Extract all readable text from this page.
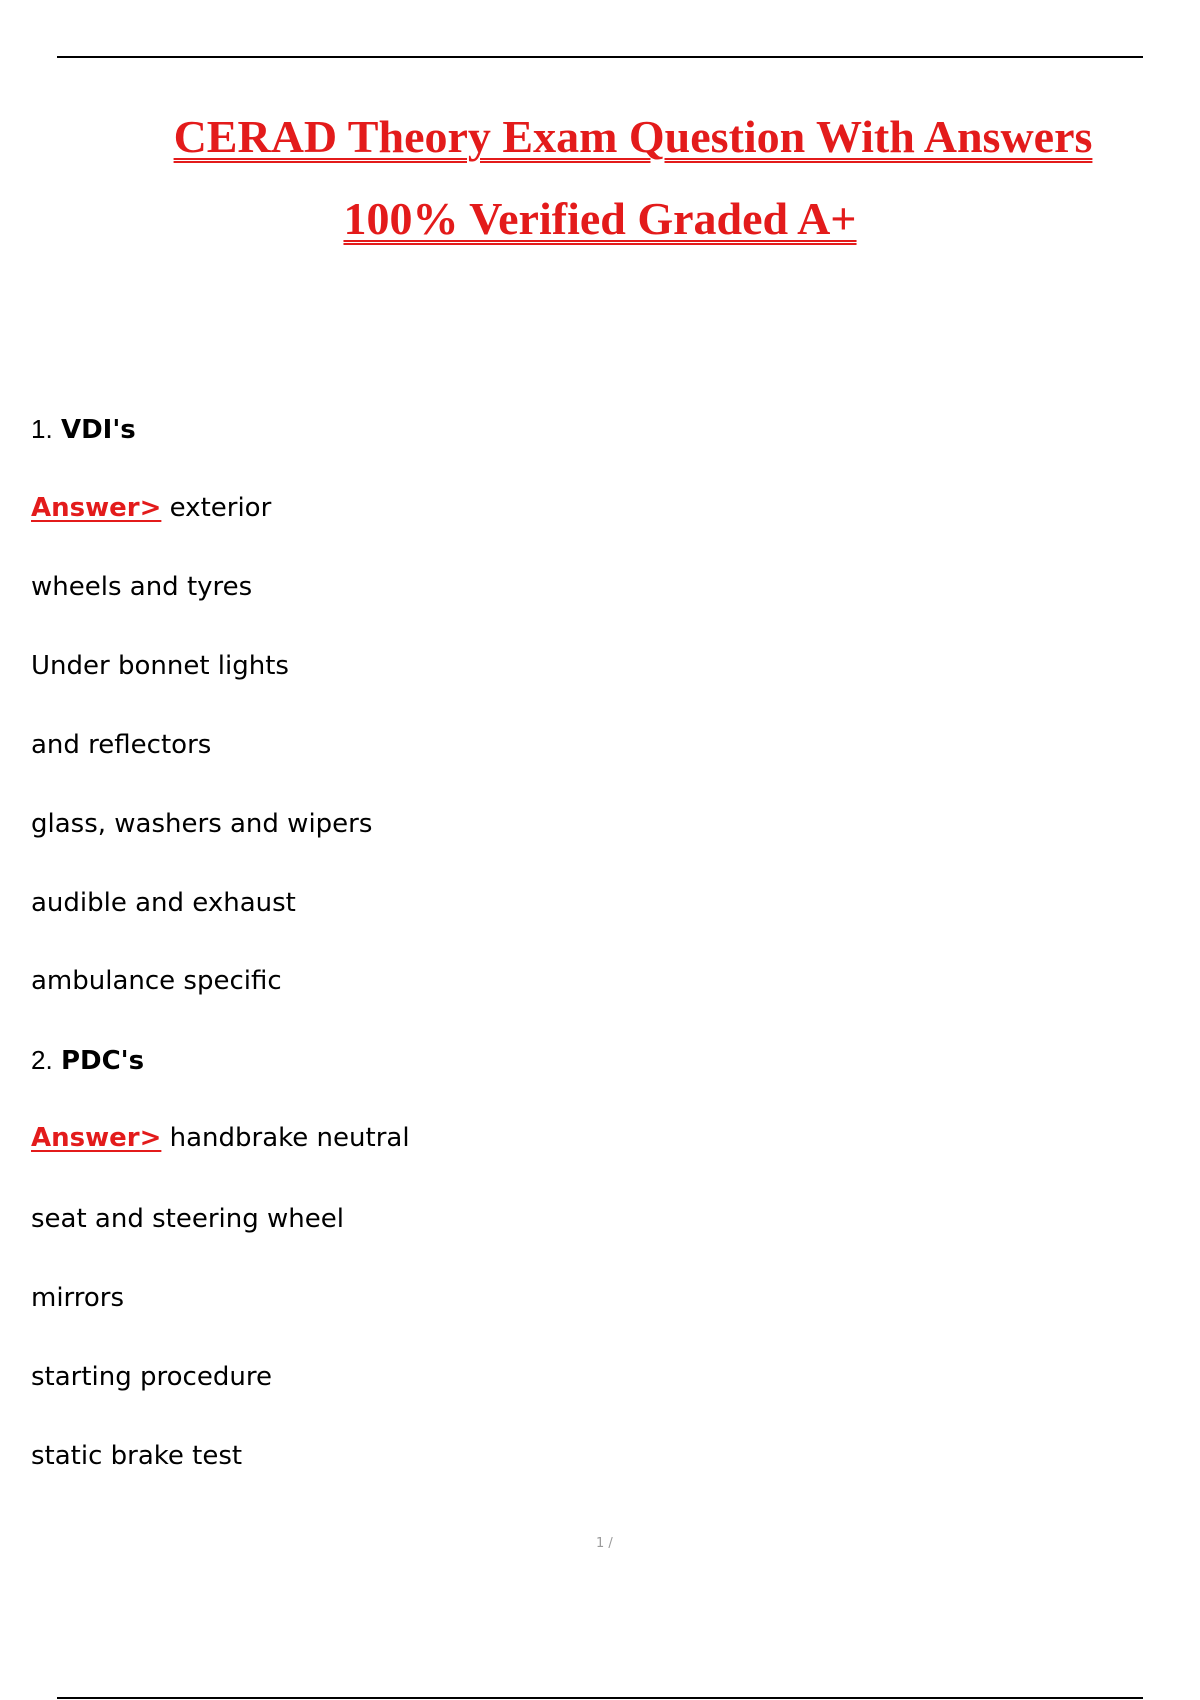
CERAD Theory Exam Question With Answers
100% Verified Graded A+
1. VDI's
Answer> exterior
wheels and tyres
Under bonnet lights
and reflectors
glass, washers and wipers
audible and exhaust
ambulance specific
2. PDC's
Answer> handbrake neutral
seat and steering wheel
mirrors
starting procedure
static brake test
1 /
